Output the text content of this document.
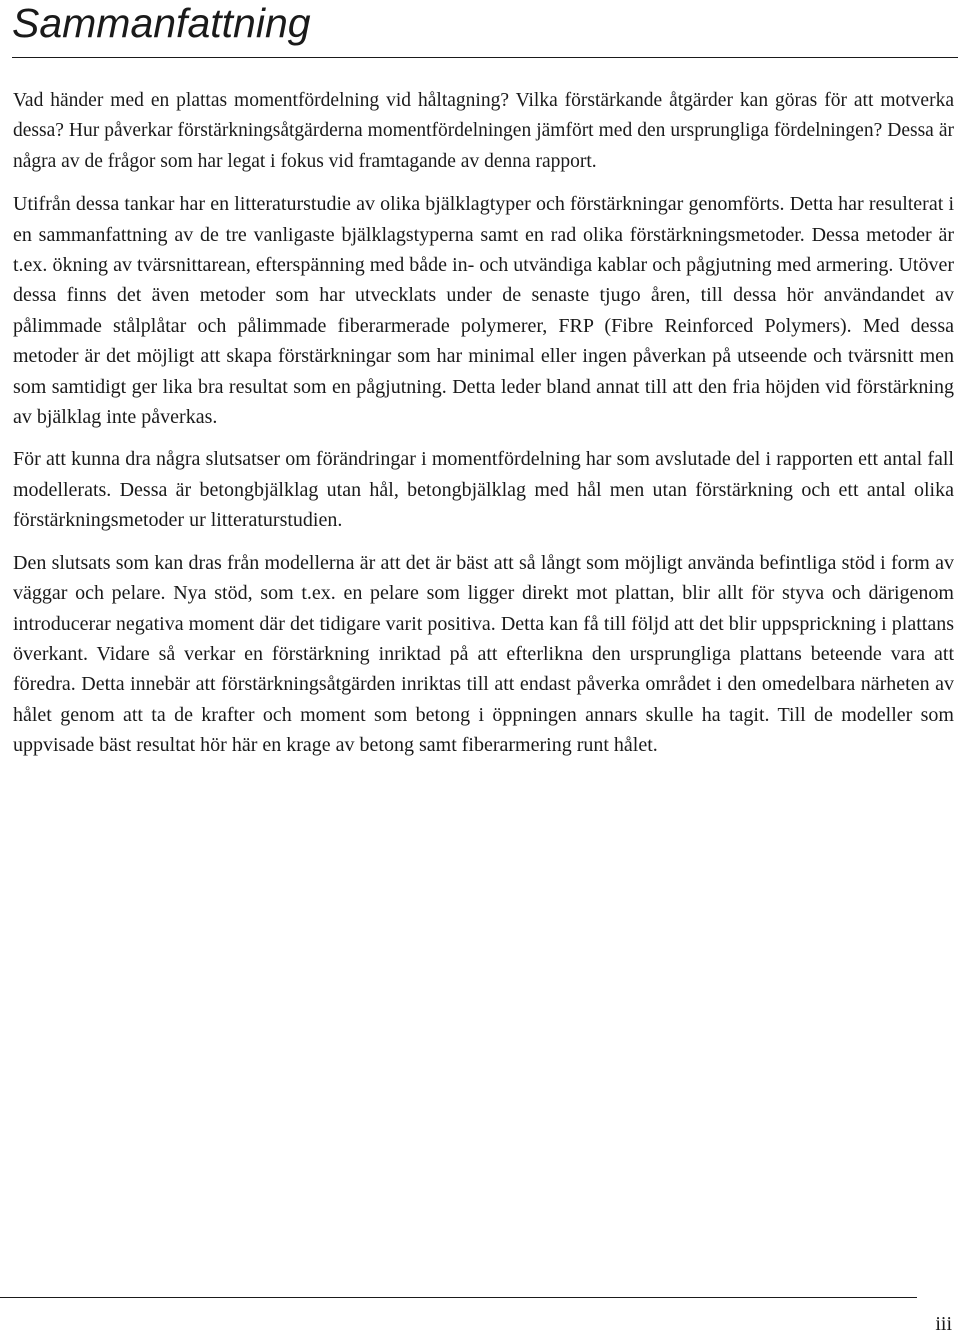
Sammanfattning

Vad händer med en plattas momentfördelning vid håltagning? Vilka förstärkande åtgärder kan göras för att motverka dessa? Hur påverkar förstärkningsåtgärderna momentfördelningen jämfört med den ursprungliga fördelningen? Dessa är några av de frågor som har legat i fokus vid framtagande av denna rapport.

Utifrån dessa tankar har en litteraturstudie av olika bjälklagtyper och förstärkningar genomförts. Detta har resulterat i en sammanfattning av de tre vanligaste bjälklagstyperna samt en rad olika förstärkningsmetoder. Dessa metoder är t.ex. ökning av tvärsnittarean, efterspänning med både in- och utvändiga kablar och pågjutning med armering. Utöver dessa finns det även metoder som har utvecklats under de senaste tjugo åren, till dessa hör användandet av pålimmade stålplåtar och pålimmade fiberarmerade polymerer, FRP (Fibre Reinforced Polymers). Med dessa metoder är det möjligt att skapa förstärkningar som har minimal eller ingen påverkan på utseende och tvärsnitt men som samtidigt ger lika bra resultat som en pågjutning. Detta leder bland annat till att den fria höjden vid förstärkning av bjälklag inte påverkas.

För att kunna dra några slutsatser om förändringar i momentfördelning har som avslutade del i rapporten ett antal fall modellerats. Dessa är betongbjälklag utan hål, betongbjälklag med hål men utan förstärkning och ett antal olika förstärkningsmetoder ur litteraturstudien.

Den slutsats som kan dras från modellerna är att det är bäst att så långt som möjligt använda befintliga stöd i form av väggar och pelare. Nya stöd, som t.ex. en pelare som ligger direkt mot plattan, blir allt för styva och därigenom introducerar negativa moment där det tidigare varit positiva. Detta kan få till följd att det blir uppsprickning i plattans överkant. Vidare så verkar en förstärkning inriktad på att efterlikna den ursprungliga plattans beteende vara att föredra. Detta innebär att förstärkningsåtgärden inriktas till att endast påverka området i den omedelbara närheten av hålet genom att ta de krafter och moment som betong i öppningen annars skulle ha tagit. Till de modeller som uppvisade bäst resultat hör här en krage av betong samt fiberarmering runt hålet.

iii
